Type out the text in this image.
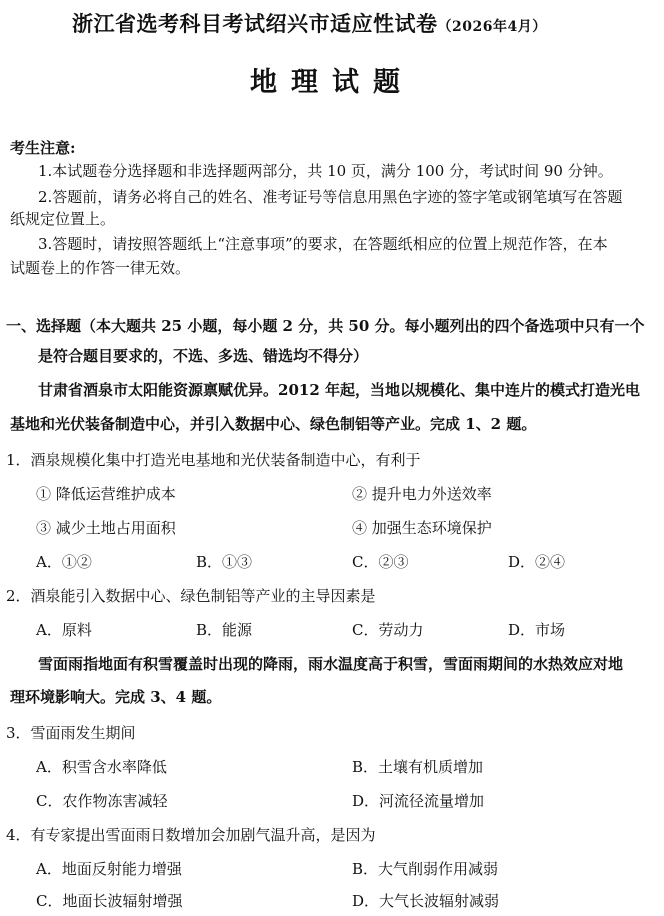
浙江省选考科目考试绍兴市适应性试卷（2026年4月）
地理试题
考生注意:
1.本试题卷分选择题和非选择题两部分，共 10 页，满分 100 分，考试时间 90 分钟。
2.答题前，请务必将自己的姓名、准考证号等信息用黑色字迹的签字笔或钢笔填写在答题
纸规定位置上。
3.答题时，请按照答题纸上“注意事项”的要求，在答题纸相应的位置上规范作答，在本
试题卷上的作答一律无效。
一、选择题（本大题共 25 小题，每小题 2 分，共 50 分。每小题列出的四个备选项中只有一个
是符合题目要求的，不选、多选、错选均不得分）
甘肃省酒泉市太阳能资源禀赋优异。2012 年起，当地以规模化、集中连片的模式打造光电
基地和光伏装备制造中心，并引入数据中心、绿色制铝等产业。完成 1、2 题。
1．酒泉规模化集中打造光电基地和光伏装备制造中心，有利于
① 降低运营维护成本	② 提升电力外送效率
③ 减少土地占用面积	④ 加强生态环境保护
A．①②	B．①③	C．②③	D．②④
2．酒泉能引入数据中心、绿色制铝等产业的主导因素是
A．原料	B．能源	C．劳动力	D．市场
雪面雨指地面有积雪覆盖时出现的降雨，雨水温度高于积雪，雪面雨期间的水热效应对地
理环境影响大。完成 3、4 题。
3．雪面雨发生期间
A．积雪含水率降低	B．土壤有机质增加
C．农作物冻害减轻	D．河流径流量增加
4．有专家提出雪面雨日数增加会加剧气温升高，是因为
A．地面反射能力增强	B．大气削弱作用减弱
C．地面长波辐射增强	D．大气长波辐射减弱
